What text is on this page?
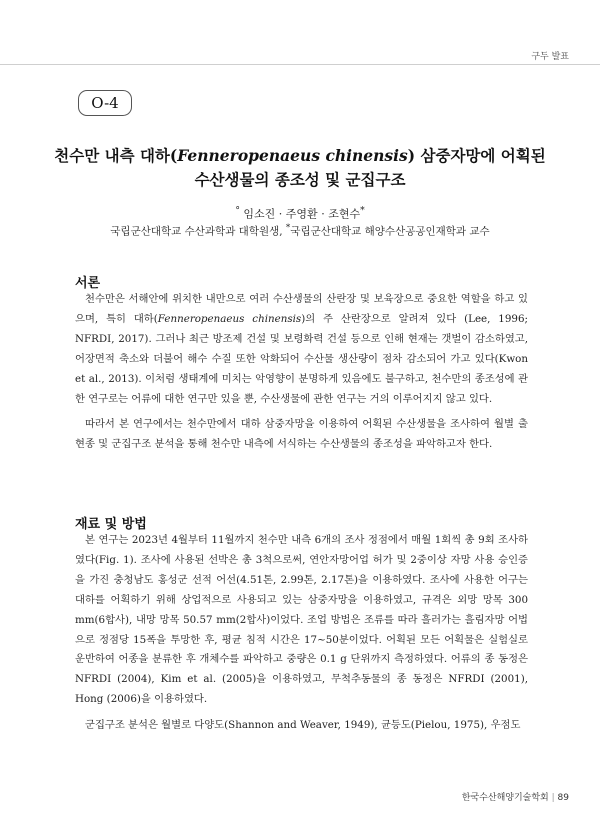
구두 발표
O-4
천수만 내측 대하(Fenneropenaeus chinensis) 삼중자망에 어획된
수산생물의 종조성 및 군집구조
° 임소진 · 주영환 · 조현수*
국립군산대학교 수산과학과 대학원생, *국립군산대학교 해양수산공공인재학과 교수
서론

천수만은 서해안에 위치한 내만으로 여러 수산생물의 산란장 및 보육장으로 중요한 역할을 하고 있으며, 특히 대하(Fenneropenaeus chinensis)의 주 산란장으로 알려져 있다 (Lee, 1996; NFRDI, 2017). 그러나 최근 방조제 건설 및 보령화력 건설 등으로 인해 현재는 갯벌이 감소하였고, 어장면적 축소와 더불어 해수 수질 또한 악화되어 수산물 생산량이 점차 감소되어 가고 있다(Kwon et al., 2013). 이처럼 생태계에 미치는 악영향이 분명하게 있음에도 불구하고, 천수만의 종조성에 관한 연구로는 어류에 대한 연구만 있을 뿐, 수산생물에 관한 연구는 거의 이루어지지 않고 있다.

따라서 본 연구에서는 천수만에서 대하 삼중자망을 이용하여 어획된 수산생물을 조사하여 월별 출현종 및 군집구조 분석을 통해 천수만 내측에 서식하는 수산생물의 종조성을 파악하고자 한다.

재료 및 방법

본 연구는 2023년 4월부터 11월까지 천수만 내측 6개의 조사 정점에서 매월 1회씩 총 9회 조사하였다(Fig. 1). 조사에 사용된 선박은 총 3척으로써, 연안자망어업 허가 및 2중이상 자망 사용 승인증을 가진 충청남도 홍성군 선적 어선(4.51톤, 2.99톤, 2.17톤)을 이용하였다. 조사에 사용한 어구는 대하를 어획하기 위해 상업적으로 사용되고 있는 삼중자망을 이용하였고, 규격은 외망 망목 300 mm(6합사), 내망 망목 50.57 mm(2합사)이었다. 조업 방법은 조류를 따라 흘러가는 흘림자망 어법으로 정점당 15폭을 투망한 후, 평균 침적 시간은 17∼50분이었다. 어획된 모든 어획물은 실험실로 운반하여 어종을 분류한 후 개체수를 파악하고 중량은 0.1 g 단위까지 측정하였다. 어류의 종 동정은 NFRDI (2004), Kim et al. (2005)을 이용하였고, 무척추동물의 종 동정은 NFRDI (2001), Hong (2006)을 이용하였다.

군집구조 분석은 월별로 다양도(Shannon and Weaver, 1949), 균등도(Pielou, 1975), 우점도

한국수산해양기술학회 | 89
